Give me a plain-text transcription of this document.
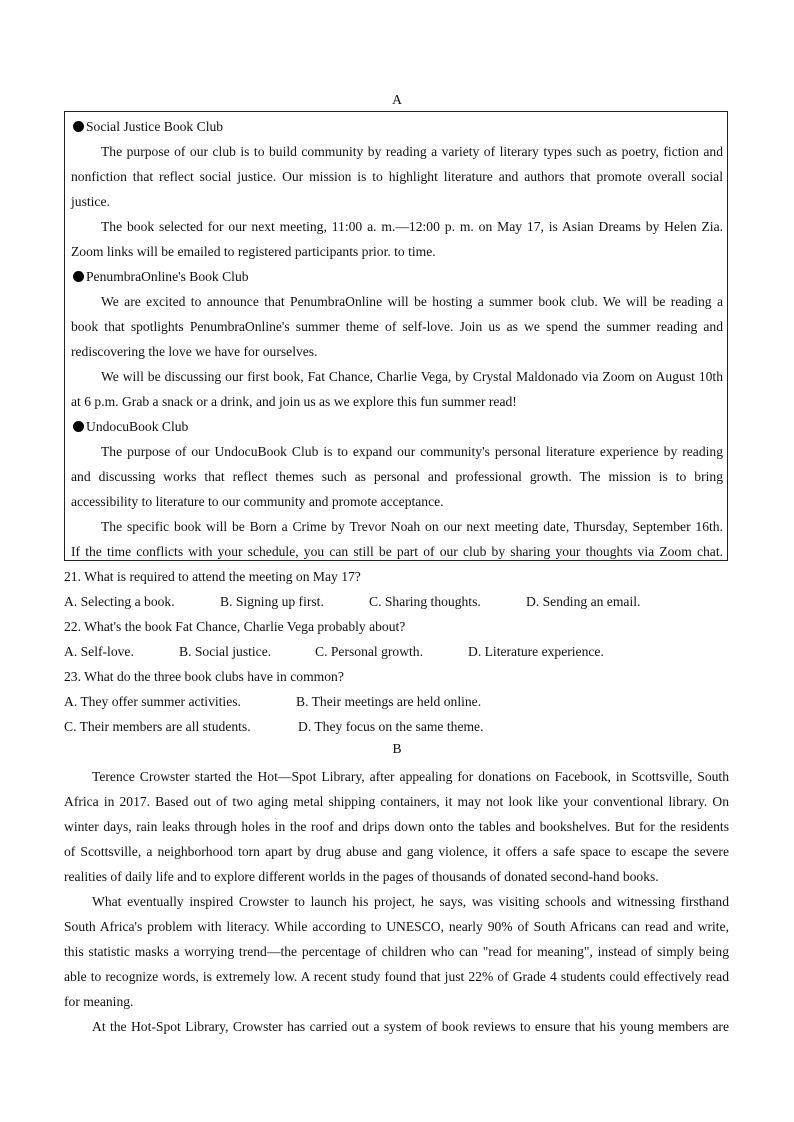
A
Social Justice Book Club
The purpose of our club is to build community by reading a variety of literary types such as poetry, fiction and
nonfiction that reflect social justice. Our mission is to highlight literature and authors that promote overall social
justice.
The book selected for our next meeting, 11:00 a. m.—12:00 p. m. on May 17, is Asian Dreams by Helen Zia.
Zoom links will be emailed to registered participants prior. to time.
PenumbraOnline's Book Club
We are excited to announce that PenumbraOnline will be hosting a summer book club. We will be reading a
book that spotlights PenumbraOnline's summer theme of self-love. Join us as we spend the summer reading and
rediscovering the love we have for ourselves.
We will be discussing our first book, Fat Chance, Charlie Vega, by Crystal Maldonado via Zoom on August 10th
at 6 p.m. Grab a snack or a drink, and join us as we explore this fun summer read!
UndocuBook Club
The purpose of our UndocuBook Club is to expand our community's personal literature experience by reading
and discussing works that reflect themes such as personal and professional growth. The mission is to bring
accessibility to literature to our community and promote acceptance.
The specific book will be Born a Crime by Trevor Noah on our next meeting date, Thursday, September 16th.
If the time conflicts with your schedule, you can still be part of our club by sharing your thoughts via Zoom chat.
21. What is required to attend the meeting on May 17?
A. Selecting a book.	B. Signing up first.	C. Sharing thoughts.	D. Sending an email.
22. What's the book Fat Chance, Charlie Vega probably about?
A. Self-love.	B. Social justice.	C. Personal growth.	D. Literature experience.
23. What do the three book clubs have in common?
A. They offer summer activities.	B. Their meetings are held online.
C. Their members are all students.	D. They focus on the same theme.
B
Terence Crowster started the Hot—Spot Library, after appealing for donations on Facebook, in Scottsville, South
Africa in 2017. Based out of two aging metal shipping containers, it may not look like your conventional library. On
winter days, rain leaks through holes in the roof and drips down onto the tables and bookshelves. But for the residents
of Scottsville, a neighborhood torn apart by drug abuse and gang violence, it offers a safe space to escape the severe
realities of daily life and to explore different worlds in the pages of thousands of donated second-hand books.
What eventually inspired Crowster to launch his project, he says, was visiting schools and witnessing firsthand
South Africa's problem with literacy. While according to UNESCO, nearly 90% of South Africans can read and write,
this statistic masks a worrying trend—the percentage of children who can "read for meaning", instead of simply being
able to recognize words, is extremely low. A recent study found that just 22% of Grade 4 students could effectively read
for meaning.
At the Hot-Spot Library, Crowster has carried out a system of book reviews to ensure that his young members are
